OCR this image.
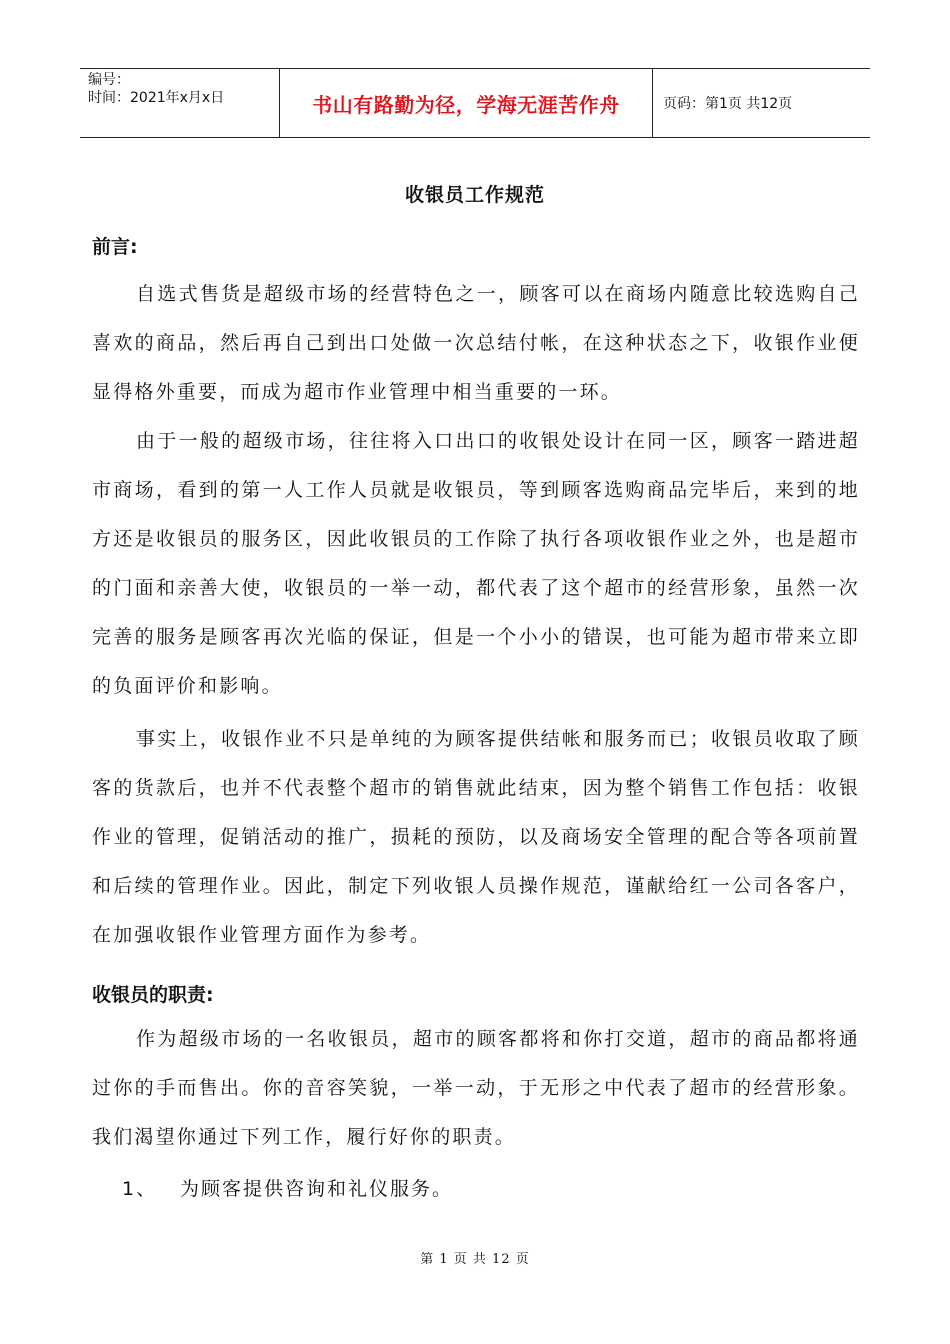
编号：
时间：2021年x月x日	书山有路勤为径，学海无涯苦作舟	页码：第1页 共12页
收银员工作规范
前言:

自选式售货是超级市场的经营特色之一，顾客可以在商场内随意比较选购自己喜欢的商品，然后再自己到出口处做一次总结付帐，在这种状态之下，收银作业便显得格外重要，而成为超市作业管理中相当重要的一环。

由于一般的超级市场，往往将入口出口的收银处设计在同一区，顾客一踏进超市商场，看到的第一人工作人员就是收银员，等到顾客选购商品完毕后，来到的地方还是收银员的服务区，因此收银员的工作除了执行各项收银作业之外，也是超市的门面和亲善大使，收银员的一举一动，都代表了这个超市的经营形象，虽然一次完善的服务是顾客再次光临的保证，但是一个小小的错误，也可能为超市带来立即的负面评价和影响。

事实上，收银作业不只是单纯的为顾客提供结帐和服务而已；收银员收取了顾客的货款后，也并不代表整个超市的销售就此结束，因为整个销售工作包括：收银作业的管理，促销活动的推广，损耗的预防，以及商场安全管理的配合等各项前置和后续的管理作业。因此，制定下列收银人员操作规范，谨献给红一公司各客户，在加强收银作业管理方面作为参考。

收银员的职责:

作为超级市场的一名收银员，超市的顾客都将和你打交道，超市的商品都将通过你的手而售出。你的音容笑貌，一举一动，于无形之中代表了超市的经营形象。我们渴望你通过下列工作，履行好你的职责。

1、	为顾客提供咨询和礼仪服务。
第 1 页 共 12 页
